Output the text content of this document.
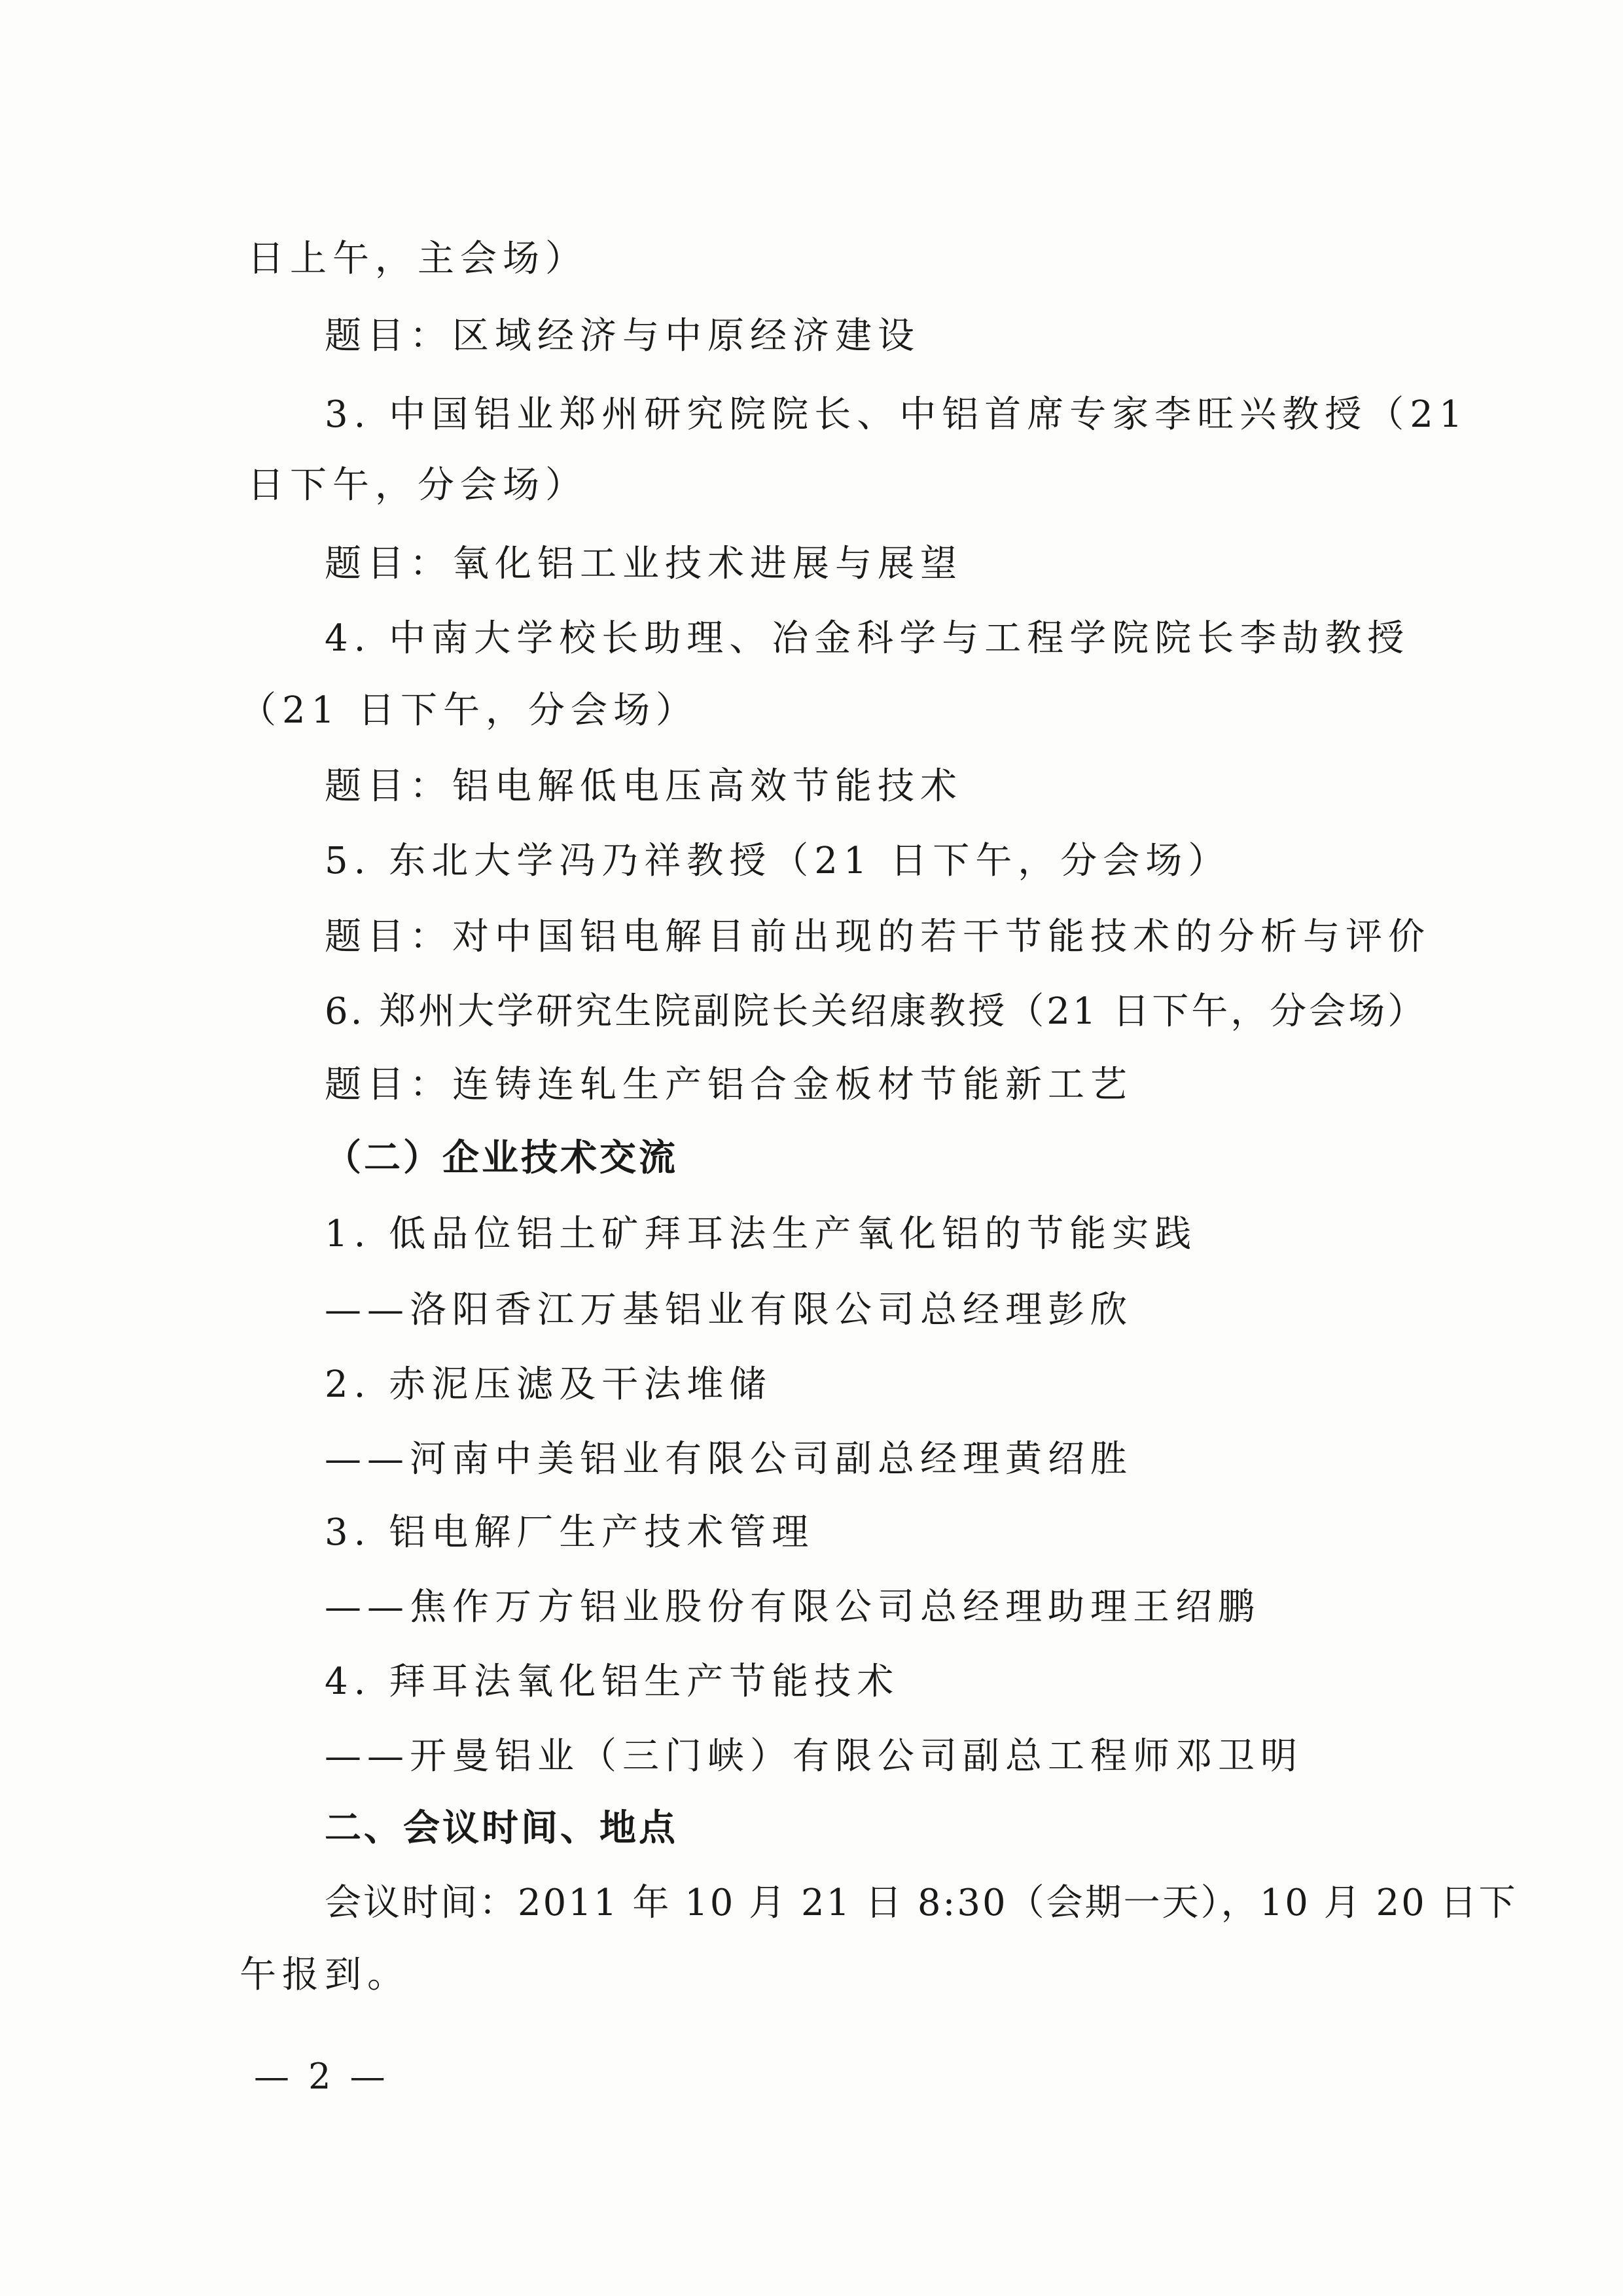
日上午，主会场）
题目：区域经济与中原经济建设
3. 中国铝业郑州研究院院长、中铝首席专家李旺兴教授（21
日下午，分会场）
题目：氧化铝工业技术进展与展望
4. 中南大学校长助理、冶金科学与工程学院院长李劼教授
（21 日下午，分会场）
题目：铝电解低电压高效节能技术
5. 东北大学冯乃祥教授（21 日下午，分会场）
题目：对中国铝电解目前出现的若干节能技术的分析与评价
6. 郑州大学研究生院副院长关绍康教授（21 日下午，分会场）
题目：连铸连轧生产铝合金板材节能新工艺
（二）企业技术交流
1. 低品位铝土矿拜耳法生产氧化铝的节能实践
——洛阳香江万基铝业有限公司总经理彭欣
2. 赤泥压滤及干法堆储
——河南中美铝业有限公司副总经理黄绍胜
3. 铝电解厂生产技术管理
——焦作万方铝业股份有限公司总经理助理王绍鹏
4. 拜耳法氧化铝生产节能技术
——开曼铝业（三门峡）有限公司副总工程师邓卫明
二、会议时间、地点
会议时间：2011 年 10 月 21 日 8:30（会期一天），10 月 20 日下
午报到。
— 2 —
